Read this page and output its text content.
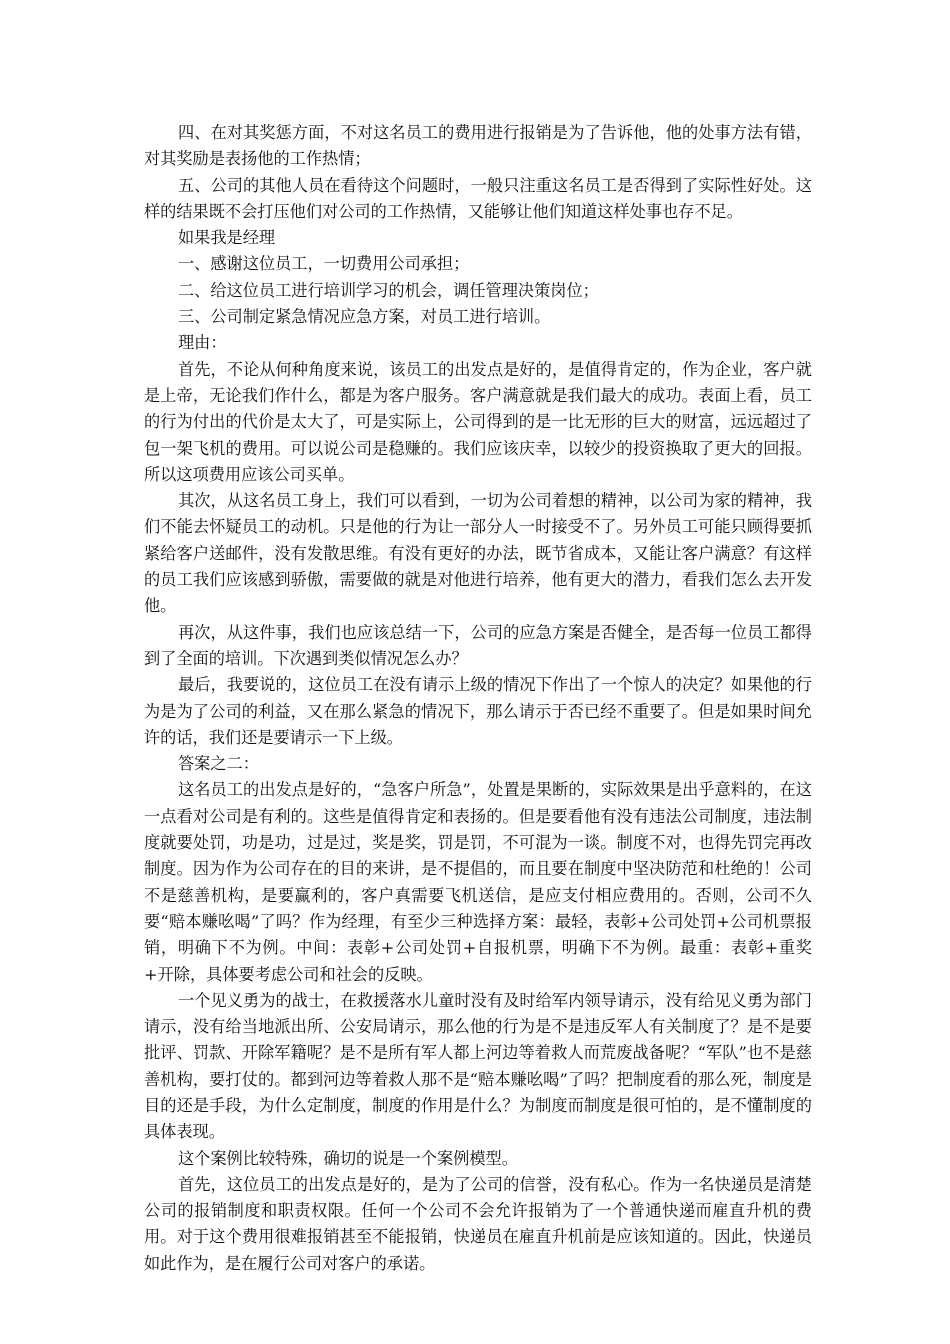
四、在对其奖惩方面，不对这名员工的费用进行报销是为了告诉他，他的处事方法有错，对其奖励是表扬他的工作热情；

五、公司的其他人员在看待这个问题时，一般只注重这名员工是否得到了实际性好处。这样的结果既不会打压他们对公司的工作热情，又能够让他们知道这样处事也存不足。

如果我是经理

一、感谢这位员工，一切费用公司承担；

二、给这位员工进行培训学习的机会，调任管理决策岗位；

三、公司制定紧急情况应急方案，对员工进行培训。

理由：

首先，不论从何种角度来说，该员工的出发点是好的，是值得肯定的，作为企业，客户就是上帝，无论我们作什么，都是为客户服务。客户满意就是我们最大的成功。表面上看，员工的行为付出的代价是太大了，可是实际上，公司得到的是一比无形的巨大的财富，远远超过了包一架飞机的费用。可以说公司是稳赚的。我们应该庆幸，以较少的投资换取了更大的回报。所以这项费用应该公司买单。

其次，从这名员工身上，我们可以看到，一切为公司着想的精神，以公司为家的精神，我们不能去怀疑员工的动机。只是他的行为让一部分人一时接受不了。另外员工可能只顾得要抓紧给客户送邮件，没有发散思维。有没有更好的办法，既节省成本，又能让客户满意？有这样的员工我们应该感到骄傲，需要做的就是对他进行培养，他有更大的潜力，看我们怎么去开发他。

再次，从这件事，我们也应该总结一下，公司的应急方案是否健全，是否每一位员工都得到了全面的培训。下次遇到类似情况怎么办？

最后，我要说的，这位员工在没有请示上级的情况下作出了一个惊人的决定？如果他的行为是为了公司的利益，又在那么紧急的情况下，那么请示于否已经不重要了。但是如果时间允许的话，我们还是要请示一下上级。

答案之二：

这名员工的出发点是好的，“急客户所急”，处置是果断的，实际效果是出乎意料的，在这一点看对公司是有利的。这些是值得肯定和表扬的。但是要看他有没有违法公司制度，违法制度就要处罚，功是功，过是过，奖是奖，罚是罚，不可混为一谈。制度不对，也得先罚完再改制度。因为作为公司存在的目的来讲，是不提倡的，而且要在制度中坚决防范和杜绝的！公司不是慈善机构，是要赢利的，客户真需要飞机送信，是应支付相应费用的。否则，公司不久要“赔本赚吆喝”了吗？作为经理，有至少三种选择方案：最轻，表彰+公司处罚+公司机票报销，明确下不为例。中间：表彰+公司处罚+自报机票，明确下不为例。最重：表彰+重奖+开除，具体要考虑公司和社会的反映。

一个见义勇为的战士，在救援落水儿童时没有及时给军内领导请示，没有给见义勇为部门请示，没有给当地派出所、公安局请示，那么他的行为是不是违反军人有关制度了？是不是要批评、罚款、开除军籍呢？是不是所有军人都上河边等着救人而荒废战备呢？“军队”也不是慈善机构，要打仗的。都到河边等着救人那不是“赔本赚吆喝”了吗？把制度看的那么死，制度是目的还是手段，为什么定制度，制度的作用是什么？为制度而制度是很可怕的，是不懂制度的具体表现。

这个案例比较特殊，确切的说是一个案例模型。

首先，这位员工的出发点是好的，是为了公司的信誉，没有私心。作为一名快递员是清楚公司的报销制度和职责权限。任何一个公司不会允许报销为了一个普通快递而雇直升机的费用。对于这个费用很难报销甚至不能报销，快递员在雇直升机前是应该知道的。因此，快递员如此作为，是在履行公司对客户的承诺。
